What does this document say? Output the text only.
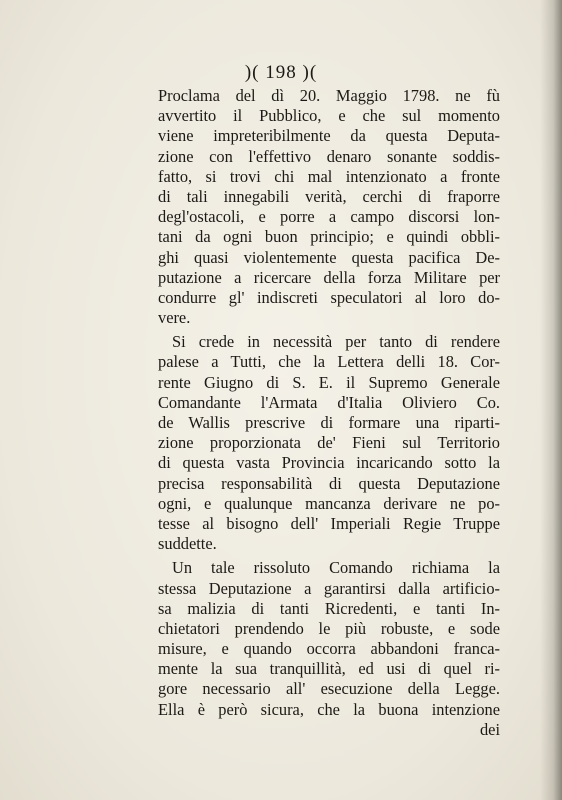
)( 198 )(
Proclama del dì 20. Maggio 1798. ne fù
avvertito il Pubblico, e che sul momento
viene impreteribilmente da questa Deputa-
zione con l'effettivo denaro sonante soddis-
fatto, si trovi chi mal intenzionato a fronte
di tali innegabili verità, cerchi di fraporre
degl'ostacoli, e porre a campo discorsi lon-
tani da ogni buon principio; e quindi obbli-
ghi quasi violentemente questa pacifica De-
putazione a ricercare della forza Militare per
condurre gl' indiscreti speculatori al loro do-
vere.
Si crede in necessità per tanto di rendere
palese a Tutti, che la Lettera delli 18. Cor-
rente Giugno di S. E. il Supremo Generale
Comandante l'Armata d'Italia Oliviero Co.
de Wallis prescrive di formare una riparti-
zione proporzionata de' Fieni sul Territorio
di questa vasta Provincia incaricando sotto la
precisa responsabilità di questa Deputazione
ogni, e qualunque mancanza derivare ne po-
tesse al bisogno dell' Imperiali Regie Truppe
suddette.
Un tale rissoluto Comando richiama la
stessa Deputazione a garantirsi dalla artificio-
sa malizia di tanti Ricredenti, e tanti In-
chietatori prendendo le più robuste, e sode
misure, e quando occorra abbandoni franca-
mente la sua tranquillità, ed usi di quel ri-
gore necessario all' esecuzione della Legge.
Ella è però sicura, che la buona intenzione
dei
